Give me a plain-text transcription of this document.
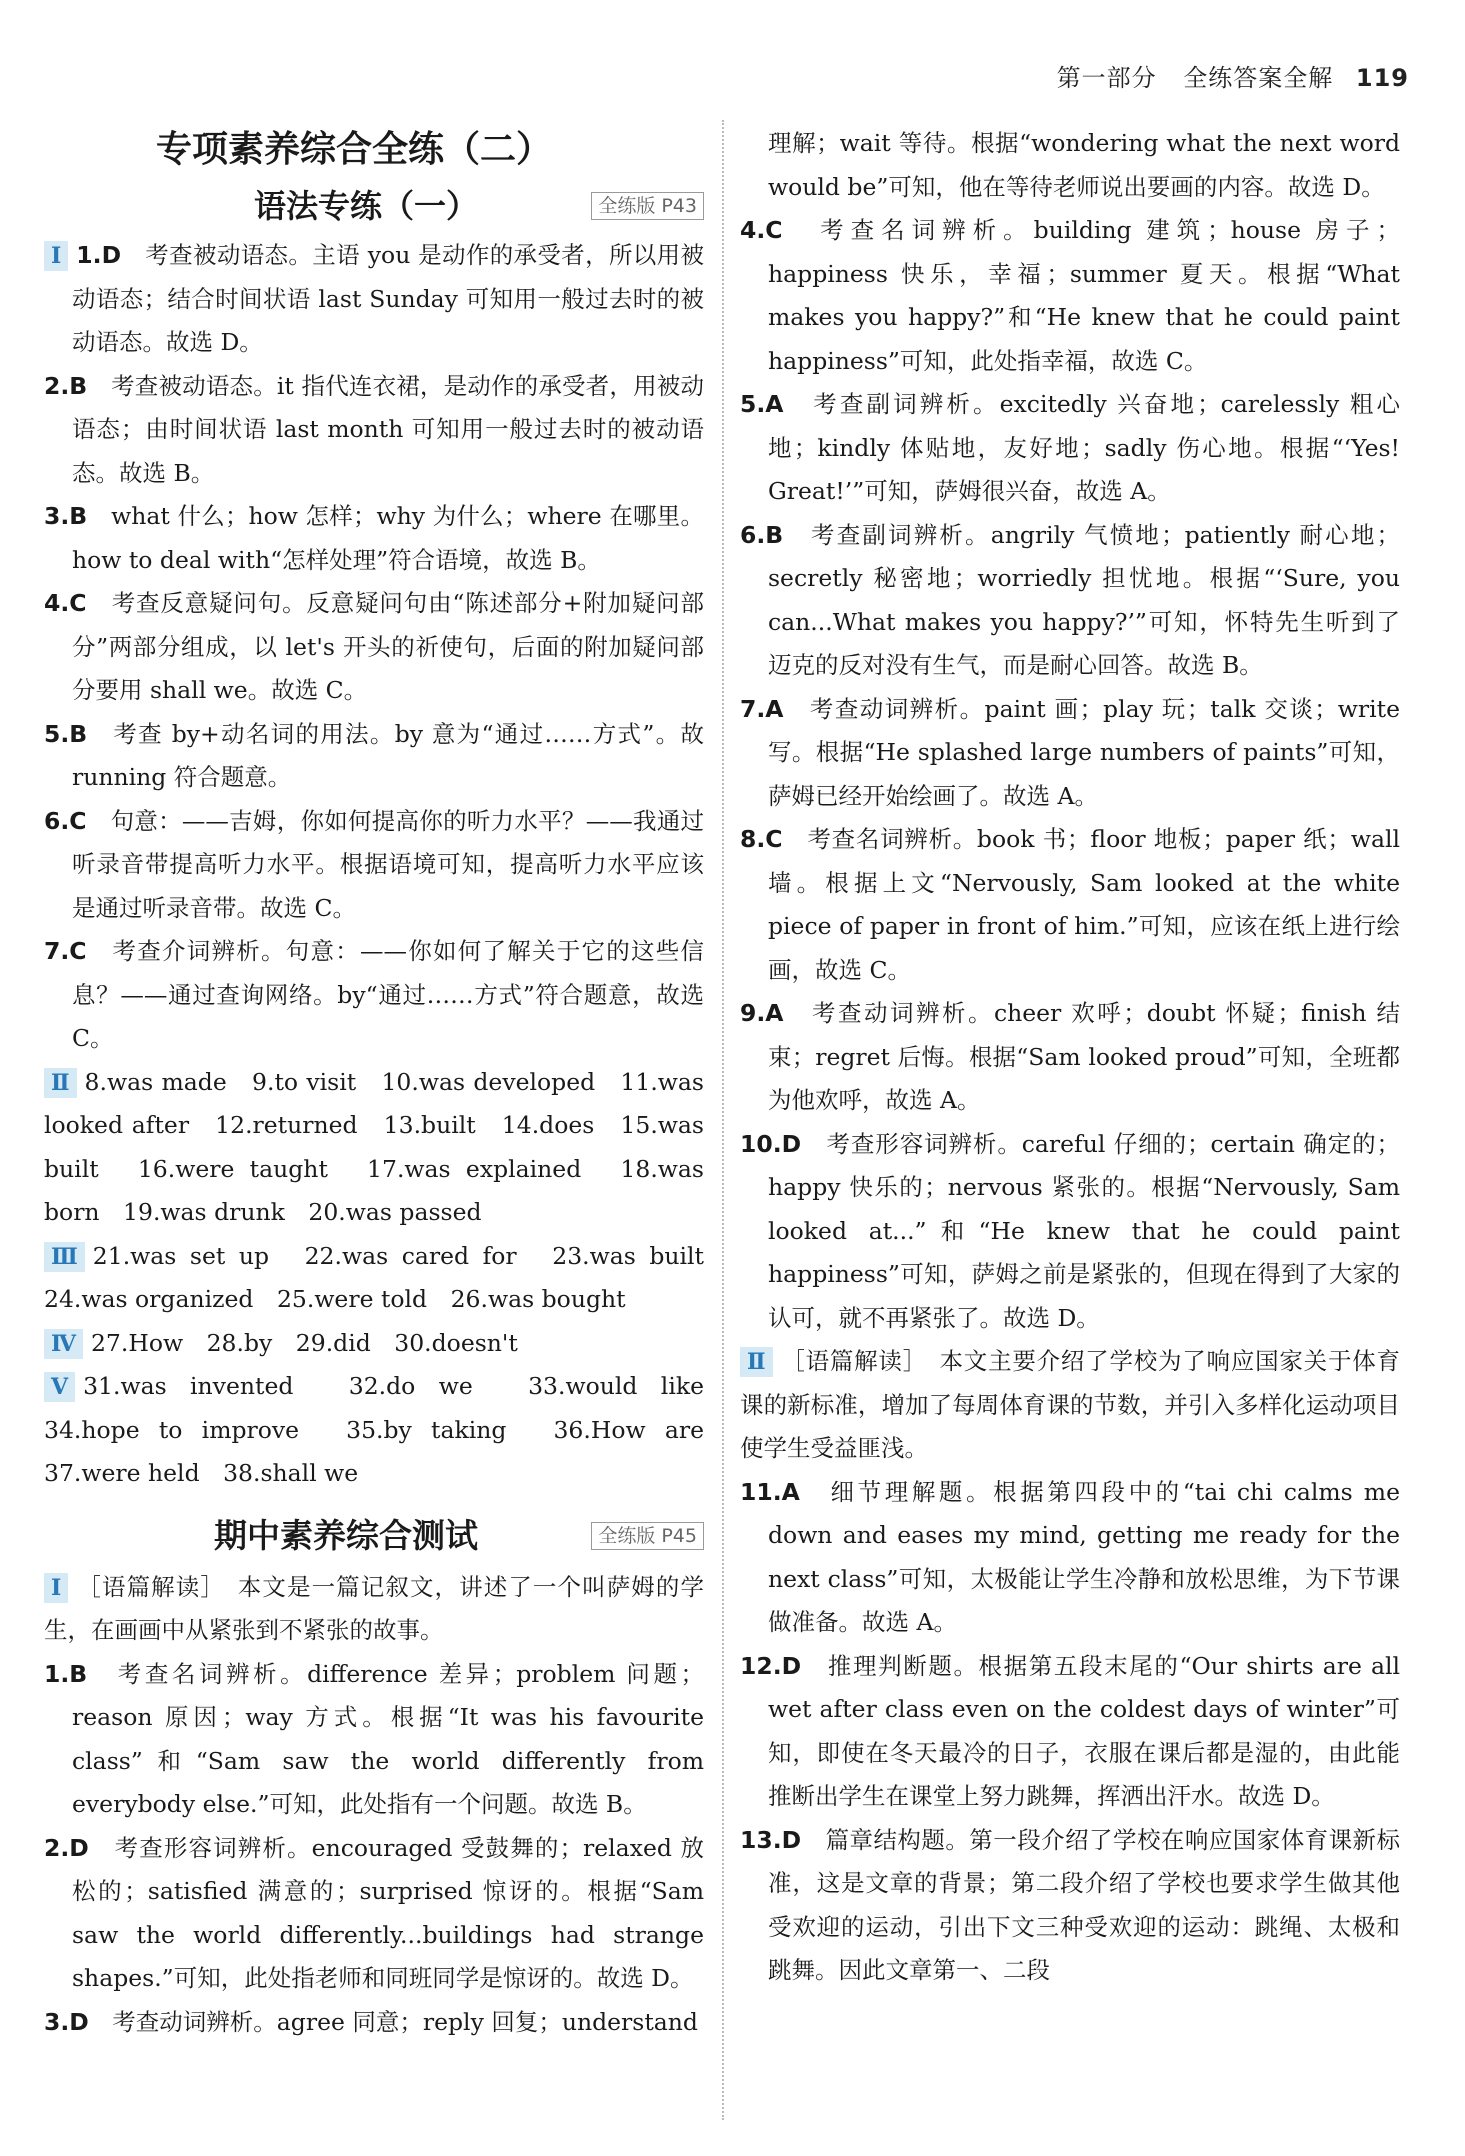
第一部分 全练答案全解 119
专项素养综合全练（二）
语法专练（一）	全练版 P43
Ⅰ 1.D　 考查被动语态。主语 you 是动作的承受者，所以用被动语态；结合时间状语 last Sunday 可知用一般过去时的被动语态。故选 D。
2.B　 考查被动语态。it 指代连衣裙，是动作的承受者，用被动语态；由时间状语 last month 可知用一般过去时的被动语态。故选 B。
3.B　 what 什么；how 怎样；why 为什么；where 在哪里。how to deal with“怎样处理”符合语境，故选 B。
4.C　 考查反意疑问句。反意疑问句由“陈述部分+附加疑问部分”两部分组成，以 let's 开头的祈使句，后面的附加疑问部分要用 shall we。故选 C。
5.B　 考查 by+动名词的用法。by 意为“通过……方式”。故 running 符合题意。
6.C　 句意：——吉姆，你如何提高你的听力水平？——我通过听录音带提高听力水平。根据语境可知，提高听力水平应该是通过听录音带。故选 C。
7.C　 考查介词辨析。句意：——你如何了解关于它的这些信息？——通过查询网络。by“通过……方式”符合题意，故选 C。
Ⅱ 8.was made　9.to visit　10.was developed　11.was looked after　12.returned　13.built　14.does　15.was built　16.were taught　17.was explained　18.was born　19.was drunk　20.was passed
Ⅲ 21.was set up　22.was cared for　23.was built　24.was organized　25.were told　26.was bought
Ⅳ 27.How　28.by　29.did　30.doesn't
Ⅴ 31.was invented　32.do we　33.would like　34.hope to improve　35.by taking　36.How are　37.were held　38.shall we
期中素养综合测试	全练版 P45
Ⅰ ［语篇解读］　本文是一篇记叙文，讲述了一个叫萨姆的学生，在画画中从紧张到不紧张的故事。
1.B　 考查名词辨析。difference 差异；problem 问题；reason 原因；way 方式。根据“It was his favourite class”和“Sam saw the world differently from everybody else.”可知，此处指有一个问题。故选 B。
2.D　 考查形容词辨析。encouraged 受鼓舞的；relaxed 放松的；satisfied 满意的；surprised 惊讶的。根据“Sam saw the world differently...buildings had strange shapes.”可知，此处指老师和同班同学是惊讶的。故选 D。
3.D　 考查动词辨析。agree 同意；reply 回复；understand
理解；wait 等待。根据“wondering what the next word would be”可知，他在等待老师说出要画的内容。故选 D。
4.C　 考查名词辨析。building 建筑；house 房子；happiness 快乐，幸福；summer 夏天。根据“What makes you happy?”和“He knew that he could paint happiness”可知，此处指幸福，故选 C。
5.A　 考查副词辨析。excitedly 兴奋地；carelessly 粗心地；kindly 体贴地，友好地；sadly 伤心地。根据“‘Yes! Great!’”可知，萨姆很兴奋，故选 A。
6.B　 考查副词辨析。angrily 气愤地；patiently 耐心地；secretly 秘密地；worriedly 担忧地。根据“‘Sure, you can...What makes you happy?’”可知，怀特先生听到了迈克的反对没有生气，而是耐心回答。故选 B。
7.A　 考查动词辨析。paint 画；play 玩；talk 交谈；write 写。根据“He splashed large numbers of paints”可知，萨姆已经开始绘画了。故选 A。
8.C　 考查名词辨析。book 书；floor 地板；paper 纸；wall 墙。根据上文“Nervously, Sam looked at the white piece of paper in front of him.”可知，应该在纸上进行绘画，故选 C。
9.A　 考查动词辨析。cheer 欢呼；doubt 怀疑；finish 结束；regret 后悔。根据“Sam looked proud”可知，全班都为他欢呼，故选 A。
10.D　 考查形容词辨析。careful 仔细的；certain 确定的；happy 快乐的；nervous 紧张的。根据“Nervously, Sam looked at...”和“He knew that he could paint happiness”可知，萨姆之前是紧张的，但现在得到了大家的认可，就不再紧张了。故选 D。
Ⅱ ［语篇解读］　本文主要介绍了学校为了响应国家关于体育课的新标准，增加了每周体育课的节数，并引入多样化运动项目使学生受益匪浅。
11.A　 细节理解题。根据第四段中的“tai chi calms me down and eases my mind, getting me ready for the next class”可知，太极能让学生冷静和放松思维，为下节课做准备。故选 A。
12.D　 推理判断题。根据第五段末尾的“Our shirts are all wet after class even on the coldest days of winter”可知，即使在冬天最冷的日子，衣服在课后都是湿的，由此能推断出学生在课堂上努力跳舞，挥洒出汗水。故选 D。
13.D　 篇章结构题。第一段介绍了学校在响应国家体育课新标准，这是文章的背景；第二段介绍了学校也要求学生做其他受欢迎的运动，引出下文三种受欢迎的运动：跳绳、太极和跳舞。因此文章第一、二段
